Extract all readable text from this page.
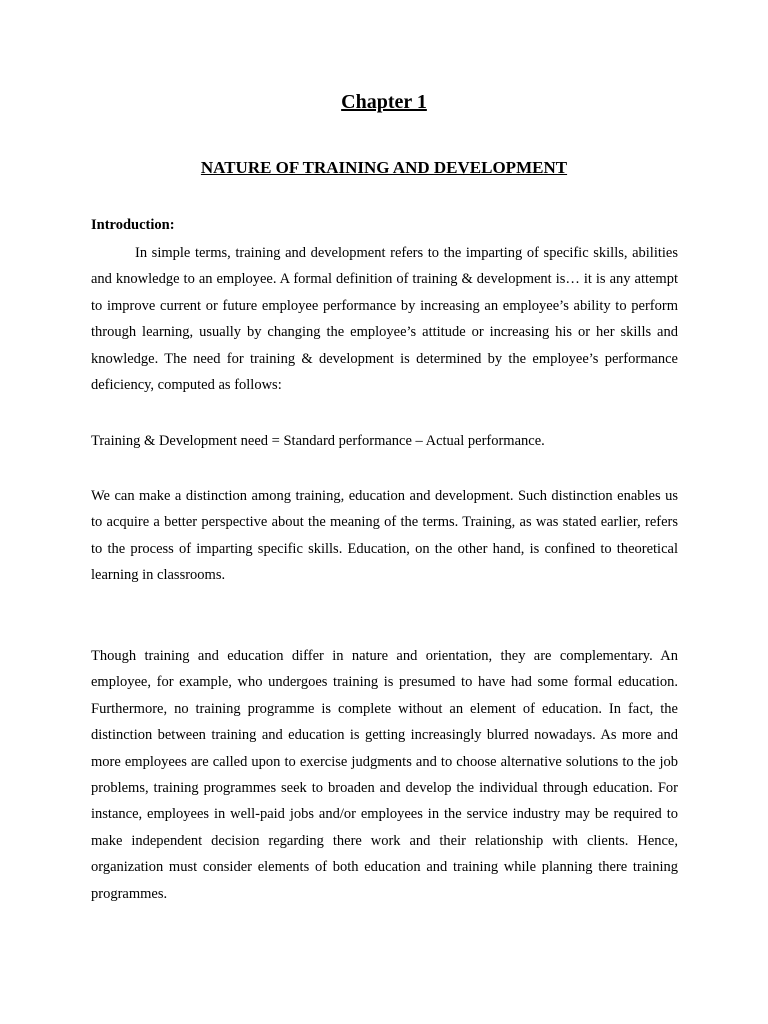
Chapter 1
NATURE OF TRAINING AND DEVELOPMENT
Introduction:

In simple terms, training and development refers to the imparting of specific skills, abilities and knowledge to an employee. A formal definition of training & development is… it is any attempt to improve current or future employee performance by increasing an employee’s ability to perform through learning, usually by changing the employee’s attitude or increasing his or her skills and knowledge. The need for training & development is determined by the employee’s performance deficiency, computed as follows:

Training & Development need = Standard performance – Actual performance.

We can make a distinction among training, education and development. Such distinction enables us to acquire a better perspective about the meaning of the terms. Training, as was stated earlier, refers to the process of imparting specific skills. Education, on the other hand, is confined to theoretical learning in classrooms.

Though training and education differ in nature and orientation, they are complementary. An employee, for example, who undergoes training is presumed to have had some formal education. Furthermore, no training programme is complete without an element of education. In fact, the distinction between training and education is getting increasingly blurred nowadays. As more and more employees are called upon to exercise judgments and to choose alternative solutions to the job problems, training programmes seek to broaden and develop the individual through education. For instance, employees in well-paid jobs and/or employees in the service industry may be required to make independent decision regarding there work and their relationship with clients. Hence, organization must consider elements of both education and training while planning there training programmes.
